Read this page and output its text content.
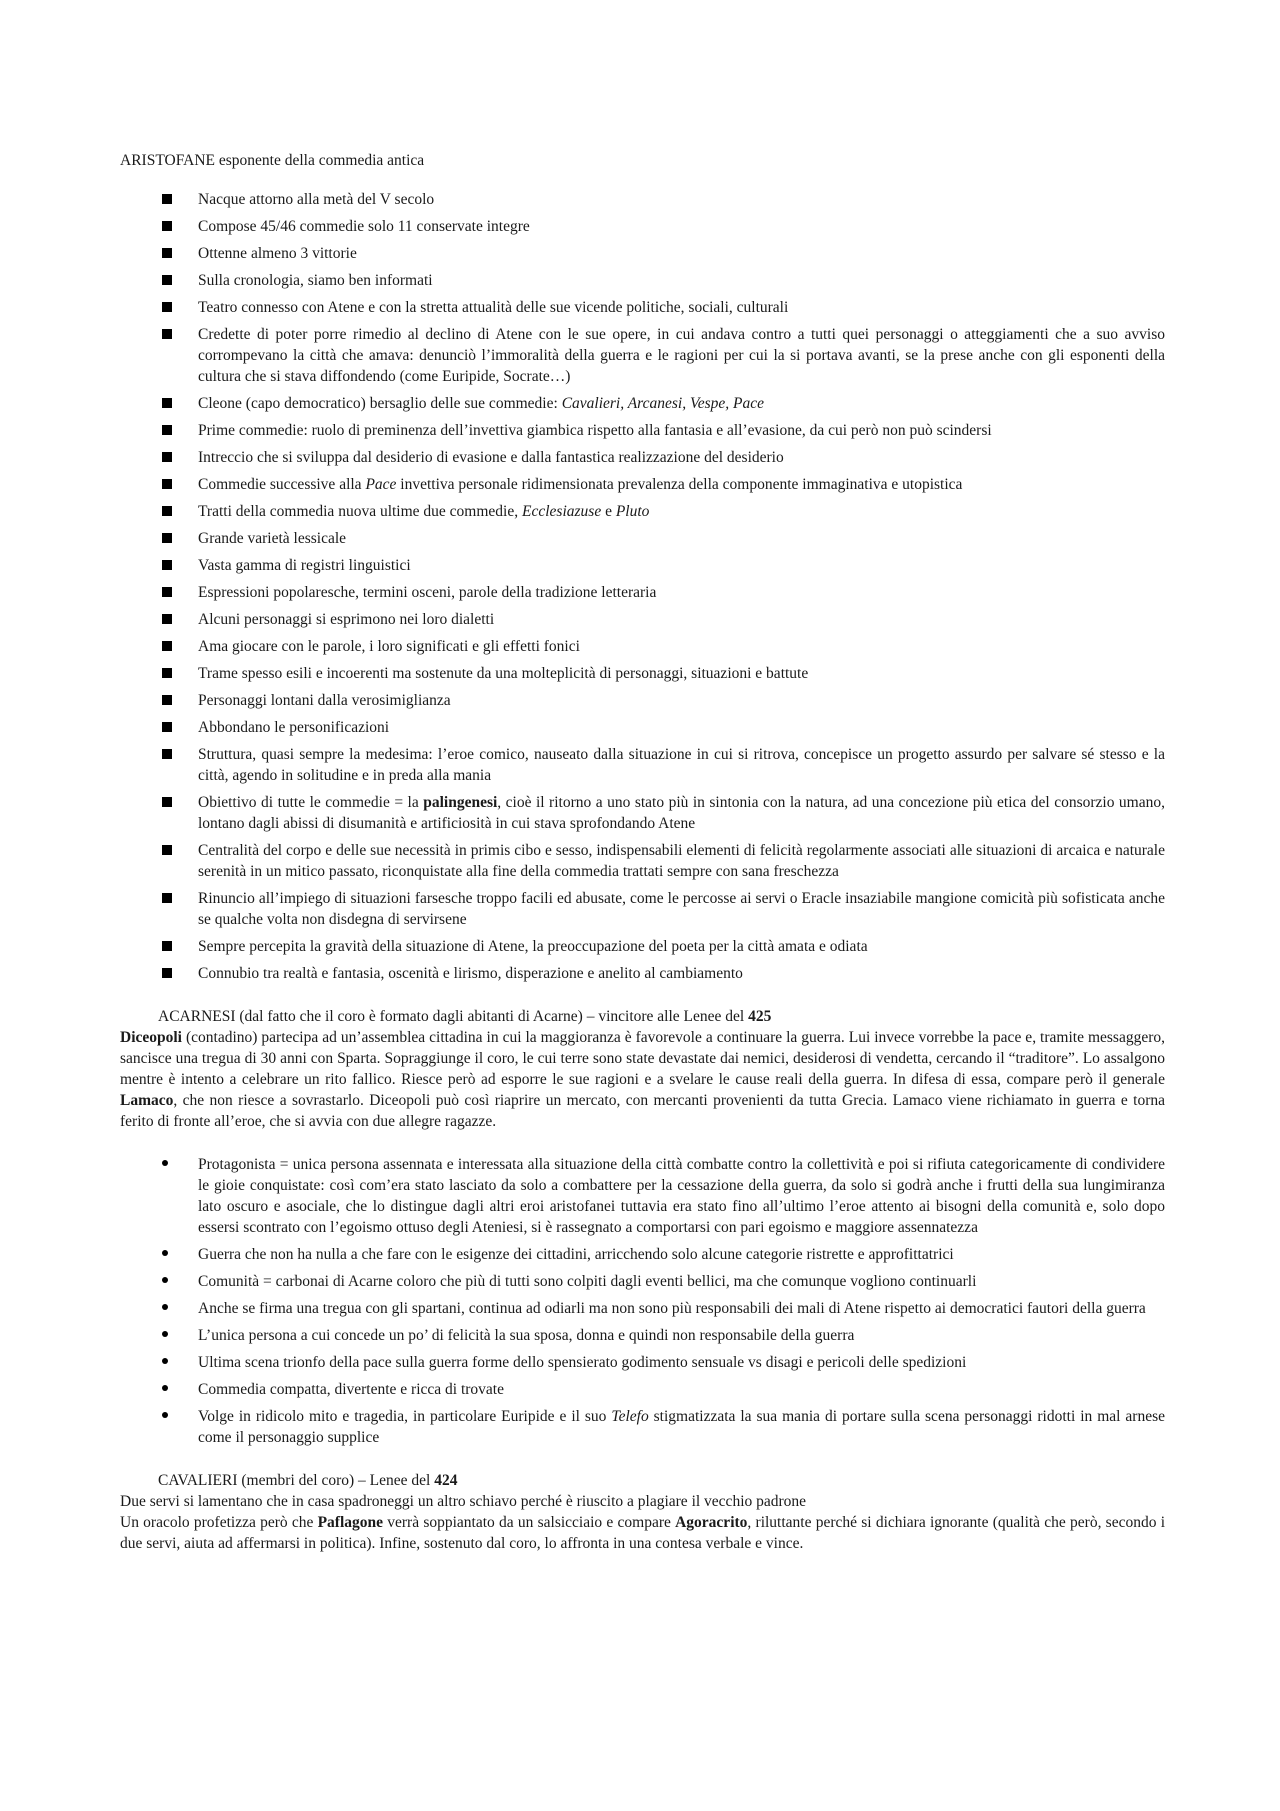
ARISTOFANE esponente della commedia antica
Nacque attorno alla metà del V secolo
Compose 45/46 commedie solo 11 conservate integre
Ottenne almeno 3 vittorie
Sulla cronologia, siamo ben informati
Teatro connesso con Atene e con la stretta attualità delle sue vicende politiche, sociali, culturali
Credette di poter porre rimedio al declino di Atene con le sue opere, in cui andava contro a tutti quei personaggi o atteggiamenti che a suo avviso corrompevano la città che amava: denunciò l’immoralità della guerra e le ragioni per cui la si portava avanti, se la prese anche con gli esponenti della cultura che si stava diffondendo (come Euripide, Socrate…)
Cleone (capo democratico) bersaglio delle sue commedie: Cavalieri, Arcanesi, Vespe, Pace
Prime commedie: ruolo di preminenza dell’invettiva giambica rispetto alla fantasia e all’evasione, da cui però non può scindersi
Intreccio che si sviluppa dal desiderio di evasione e dalla fantastica realizzazione del desiderio
Commedie successive alla Pace invettiva personale ridimensionata prevalenza della componente immaginativa e utopistica
Tratti della commedia nuova ultime due commedie, Ecclesiazuse e Pluto
Grande varietà lessicale
Vasta gamma di registri linguistici
Espressioni popolaresche, termini osceni, parole della tradizione letteraria
Alcuni personaggi si esprimono nei loro dialetti
Ama giocare con le parole, i loro significati e gli effetti fonici
Trame spesso esili e incoerenti ma sostenute da una molteplicità di personaggi, situazioni e battute
Personaggi lontani dalla verosimiglianza
Abbondano le personificazioni
Struttura, quasi sempre la medesima: l’eroe comico, nauseato dalla situazione in cui si ritrova, concepisce un progetto assurdo per salvare sé stesso e la città, agendo in solitudine e in preda alla mania
Obiettivo di tutte le commedie = la palingenesi, cioè il ritorno a uno stato più in sintonia con la natura, ad una concezione più etica del consorzio umano, lontano dagli abissi di disumanità e artificiosità in cui stava sprofondando Atene
Centralità del corpo e delle sue necessità in primis cibo e sesso, indispensabili elementi di felicità regolarmente associati alle situazioni di arcaica e naturale serenità in un mitico passato, riconquistate alla fine della commedia trattati sempre con sana freschezza
Rinuncio all’impiego di situazioni farsesche troppo facili ed abusate, come le percosse ai servi o Eracle insaziabile mangione comicità più sofisticata anche se qualche volta non disdegna di servirsene
Sempre percepita la gravità della situazione di Atene, la preoccupazione del poeta per la città amata e odiata
Connubio tra realtà e fantasia, oscenità e lirismo, disperazione e anelito al cambiamento
ACARNESI (dal fatto che il coro è formato dagli abitanti di Acarne) – vincitore alle Lenee del 425

Diceopoli (contadino) partecipa ad un’assemblea cittadina in cui la maggioranza è favorevole a continuare la guerra. Lui invece vorrebbe la pace e, tramite messaggero, sancisce una tregua di 30 anni con Sparta. Sopraggiunge il coro, le cui terre sono state devastate dai nemici, desiderosi di vendetta, cercando il “traditore”. Lo assalgono mentre è intento a celebrare un rito fallico. Riesce però ad esporre le sue ragioni e a svelare le cause reali della guerra. In difesa di essa, compare però il generale Lamaco, che non riesce a sovrastarlo. Diceopoli può così riaprire un mercato, con mercanti provenienti da tutta Grecia. Lamaco viene richiamato in guerra e torna ferito di fronte all’eroe, che si avvia con due allegre ragazze.

Protagonista = unica persona assennata e interessata alla situazione della città combatte contro la collettività e poi si rifiuta categoricamente di condividere le gioie conquistate: così com’era stato lasciato da solo a combattere per la cessazione della guerra, da solo si godrà anche i frutti della sua lungimiranza lato oscuro e asociale, che lo distingue dagli altri eroi aristofanei tuttavia era stato fino all’ultimo l’eroe attento ai bisogni della comunità e, solo dopo essersi scontrato con l’egoismo ottuso degli Ateniesi, si è rassegnato a comportarsi con pari egoismo e maggiore assennatezza
Guerra che non ha nulla a che fare con le esigenze dei cittadini, arricchendo solo alcune categorie ristrette e approfittatrici
Comunità = carbonai di Acarne coloro che più di tutti sono colpiti dagli eventi bellici, ma che comunque vogliono continuarli
Anche se firma una tregua con gli spartani, continua ad odiarli ma non sono più responsabili dei mali di Atene rispetto ai democratici fautori della guerra
L’unica persona a cui concede un po’ di felicità la sua sposa, donna e quindi non responsabile della guerra
Ultima scena trionfo della pace sulla guerra forme dello spensierato godimento sensuale vs disagi e pericoli delle spedizioni
Commedia compatta, divertente e ricca di trovate
Volge in ridicolo mito e tragedia, in particolare Euripide e il suo Telefo stigmatizzata la sua mania di portare sulla scena personaggi ridotti in mal arnese come il personaggio supplice
CAVALIERI (membri del coro) – Lenee del 424

Due servi si lamentano che in casa spadroneggi un altro schiavo perché è riuscito a plagiare il vecchio padrone

Un oracolo profetizza però che Paflagone verrà soppiantato da un salsicciaio e compare Agoracrito, riluttante perché si dichiara ignorante (qualità che però, secondo i due servi, aiuta ad affermarsi in politica). Infine, sostenuto dal coro, lo affronta in una contesa verbale e vince.
